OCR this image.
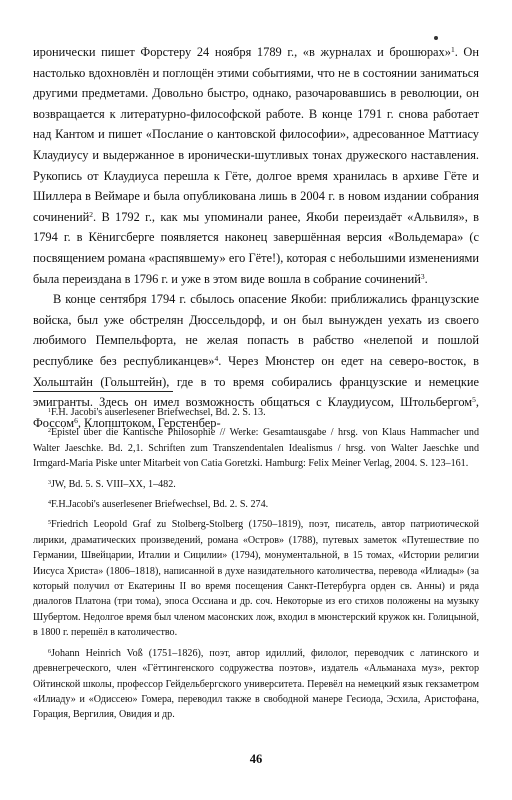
иронически пишет Форстеру 24 ноября 1789 г., «в журналах и брошюрах»$^1$. Он настолько вдохновлён и поглощён этими событиями, что не в состоянии заниматься другими предметами. Довольно быстро, однако, разочаровавшись в революции, он возвращается к литературно-философской работе. В конце 1791 г. снова работает над Кантом и пишет «Послание о кантовской философии», адресованное Маттиасу Клаудиусу и выдержанное в иронически-шутливых тонах дружеского наставления. Рукопись от Клаудиуса перешла к Гёте, долгое время хранилась в архиве Гёте и Шиллера в Веймаре и была опубликована лишь в 2004 г. в новом издании собрания сочинений$^2$. В 1792 г., как мы упоминали ранее, Якоби переиздаёт «Альвиля», в 1794 г. в Кёнигсберге появляется наконец завершённая версия «Вольдемара» (с посвящением романа «распявшему» его Гёте!), которая с небольшими изменениями была переиздана в 1796 г. и уже в этом виде вошла в собрание сочинений$^3$.

В конце сентября 1794 г. сбылось опасение Якоби: приближались французские войска, был уже обстрелян Дюссельдорф, и он был вынужден уехать из своего любимого Пемпельфорта, не желая попасть в рабство «нелепой и пошлой республике без республиканцев»$^4$. Через Мюнстер он едет на северо-восток, в Хольштайн (Гольштейн), где в то время собирались французские и немецкие эмигранты. Здесь он имел возможность общаться с Клаудиусом, Штольбергом$^5$, Фоссом$^6$, Клопштоком, Герстенбер-

$^1$F.H. Jacobi's auserlesener Briefwechsel, Bd. 2. S. 13.

$^2$Epistel über die Kantische Philosophie // Werke: Gesamtausgabe / hrsg. von Klaus Hammacher und Walter Jaeschke. Bd. 2,1. Schriften zum Transzendentalen Idealismus / hrsg. von Walter Jaeschke und Irmgard-Maria Piske unter Mitarbeit von Catia Goretzki. Hamburg: Felix Meiner Verlag, 2004. S. 123–161.

$^3$JW, Bd. 5. S. VIII–XX, 1–482.

$^4$F.H.Jacobi's auserlesener Briefwechsel, Bd. 2. S. 274.

$^5$Friedrich Leopold Graf zu Stolberg-Stolberg (1750–1819), поэт, писатель, автор патриотической лирики, драматических произведений, романа «Остров» (1788), путевых заметок «Путешествие по Германии, Швейцарии, Италии и Сицилии» (1794), монументальной, в 15 томах, «Истории религии Иисуса Христа» (1806–1818), написанной в духе назидательного католичества, перевода «Илиады» (за который получил от Екатерины II во время посещения Санкт-Петербурга орден св. Анны) и ряда диалогов Платона (три тома), эпоса Оссиана и др. соч. Некоторые из его стихов положены на музыку Шубертом. Недолгое время был членом масонских лож, входил в мюнстерский кружок кн. Голицыной, в 1800 г. перешёл в католичество.

$^6$Johann Heinrich Voß (1751–1826), поэт, автор идиллий, филолог, переводчик с латинского и древнегреческого, член «Гёттингенского содружества поэтов», издатель «Альманаха муз», ректор Ойтинской школы, профессор Гейдельбергского университета. Перевёл на немецкий язык гекзаметром «Илиаду» и «Одиссею» Гомера, переводил также в свободной манере Гесиода, Эсхила, Аристофана, Горация, Вергилия, Овидия и др.

46
